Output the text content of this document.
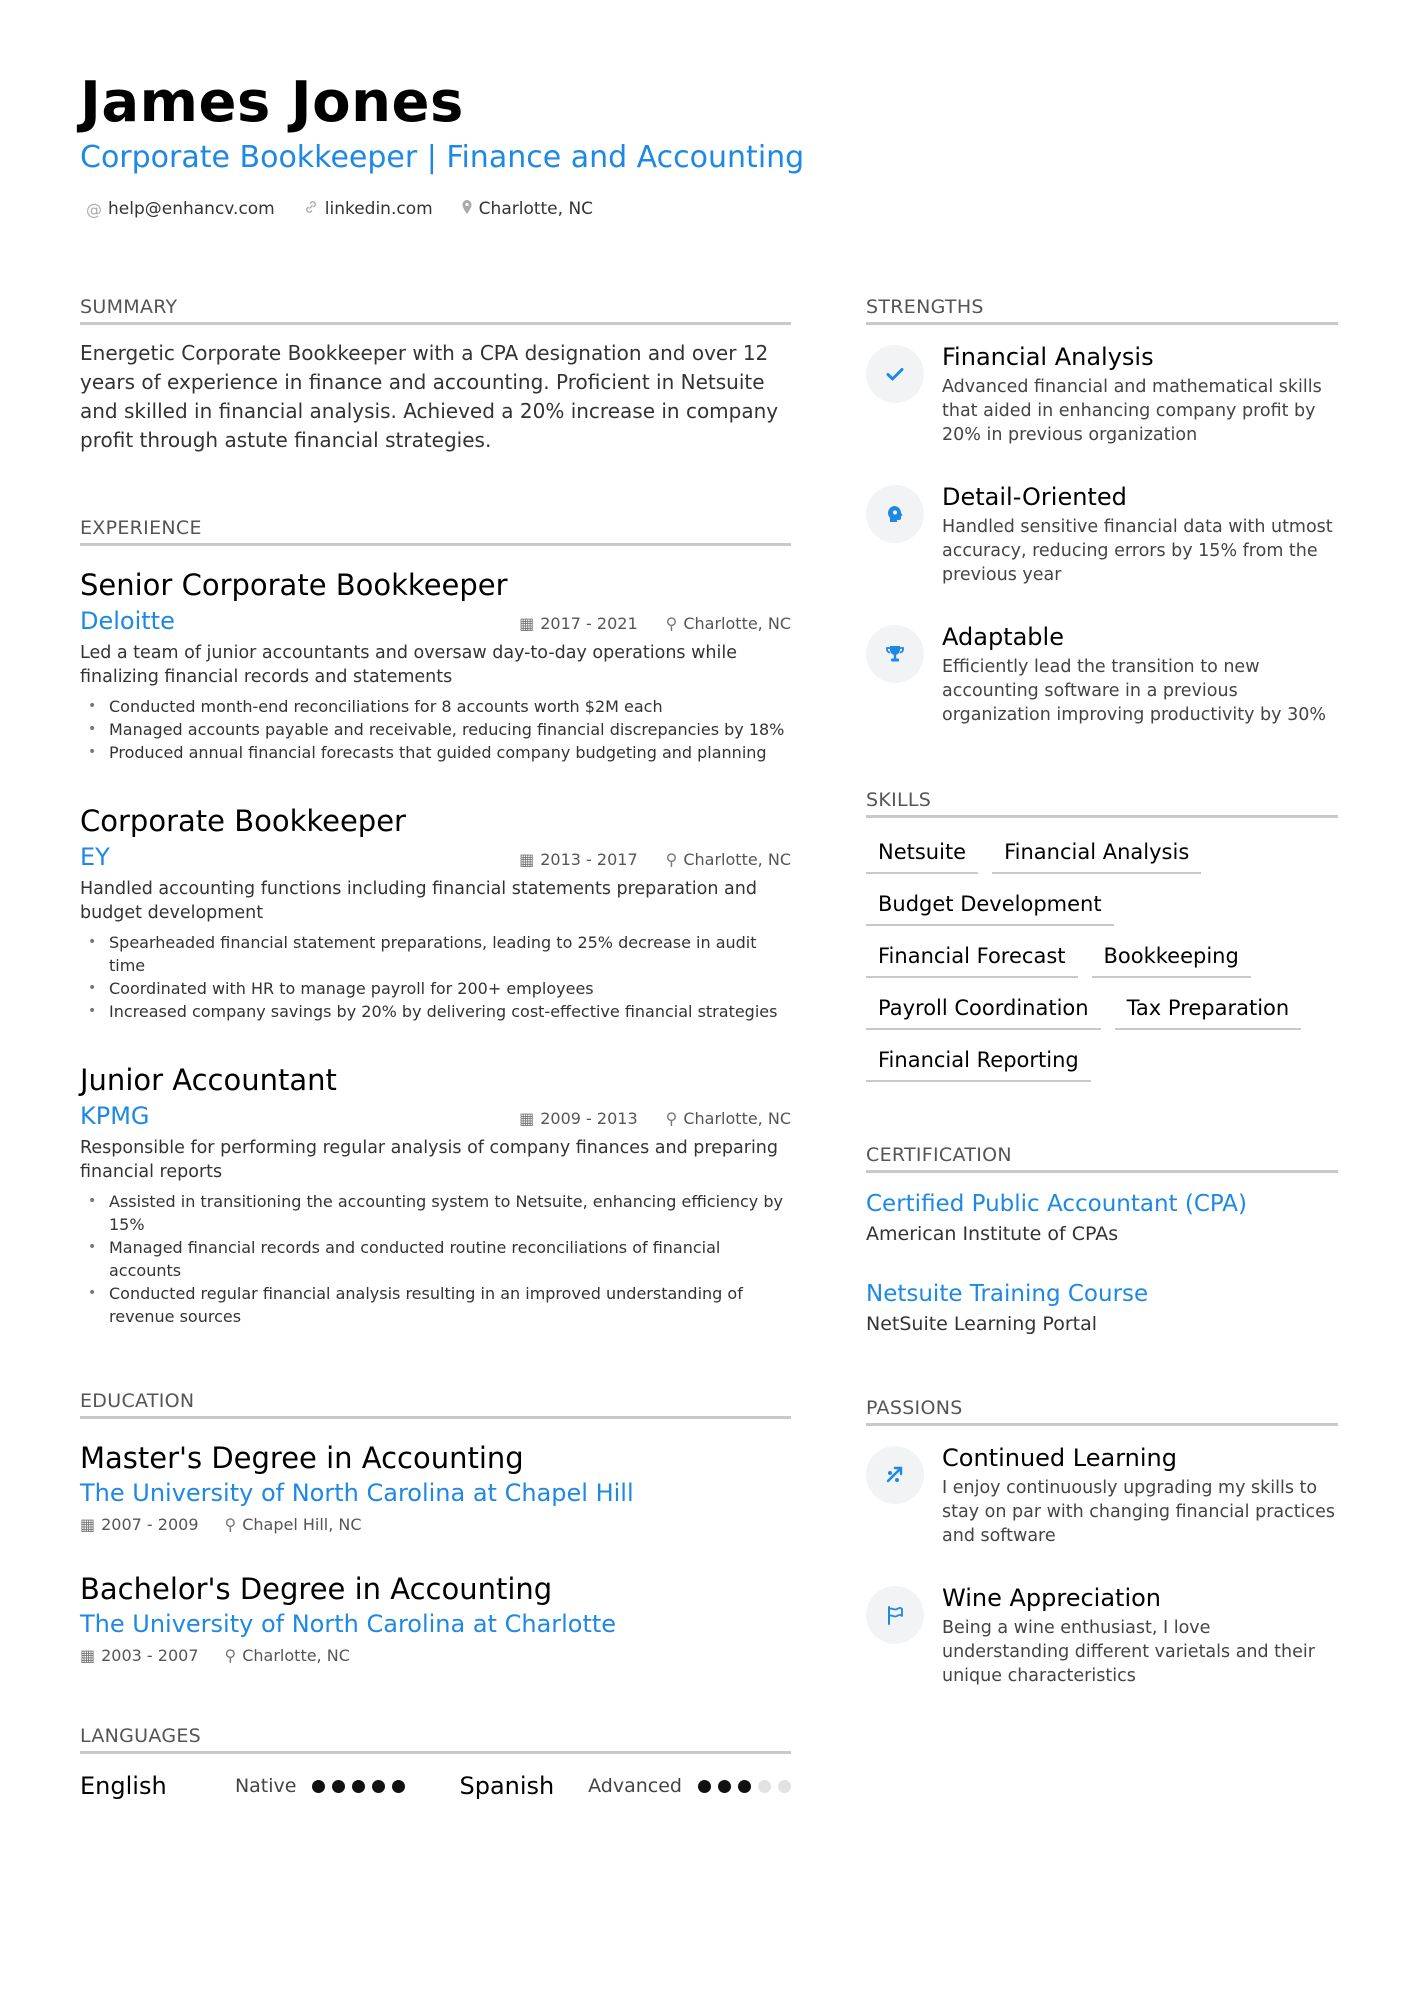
James Jones
Corporate Bookkeeper | Finance and Accounting
@ help@enhancv.com	linkedin.com	Charlotte, NC
SUMMARY
Energetic Corporate Bookkeeper with a CPA designation and over 12 years of experience in finance and accounting. Proficient in Netsuite and skilled in financial analysis. Achieved a 20% increase in company profit through astute financial strategies.
EXPERIENCE
Senior Corporate Bookkeeper
Deloitte	▦ 2017 - 2021 ⚲ Charlotte, NC
Led a team of junior accountants and oversaw day-to-day operations while finalizing financial records and statements
• Conducted month-end reconciliations for 8 accounts worth $2M each
• Managed accounts payable and receivable, reducing financial discrepancies by 18%
• Produced annual financial forecasts that guided company budgeting and planning
Corporate Bookkeeper
EY	▦ 2013 - 2017 ⚲ Charlotte, NC
Handled accounting functions including financial statements preparation and budget development
• Spearheaded financial statement preparations, leading to 25% decrease in audit time
• Coordinated with HR to manage payroll for 200+ employees
• Increased company savings by 20% by delivering cost-effective financial strategies
Junior Accountant
KPMG	▦ 2009 - 2013 ⚲ Charlotte, NC
Responsible for performing regular analysis of company finances and preparing financial reports
• Assisted in transitioning the accounting system to Netsuite, enhancing efficiency by 15%
• Managed financial records and conducted routine reconciliations of financial accounts
• Conducted regular financial analysis resulting in an improved understanding of revenue sources
EDUCATION
Master's Degree in Accounting
The University of North Carolina at Chapel Hill
▦ 2007 - 2009 ⚲ Chapel Hill, NC
Bachelor's Degree in Accounting
The University of North Carolina at Charlotte
▦ 2003 - 2007 ⚲ Charlotte, NC
LANGUAGES
English	Native	Spanish	Advanced
STRENGTHS
Financial Analysis
Advanced financial and mathematical skills that aided in enhancing company profit by 20% in previous organization
Detail-Oriented
Handled sensitive financial data with utmost accuracy, reducing errors by 15% from the previous year
Adaptable
Efficiently lead the transition to new accounting software in a previous organization improving productivity by 30%
SKILLS
Netsuite	Financial Analysis
Budget Development
Financial Forecast	Bookkeeping
Payroll Coordination	Tax Preparation
Financial Reporting
CERTIFICATION
Certified Public Accountant (CPA)
American Institute of CPAs
Netsuite Training Course
NetSuite Learning Portal
PASSIONS
Continued Learning
I enjoy continuously upgrading my skills to stay on par with changing financial practices and software
Wine Appreciation
Being a wine enthusiast, I love understanding different varietals and their unique characteristics
